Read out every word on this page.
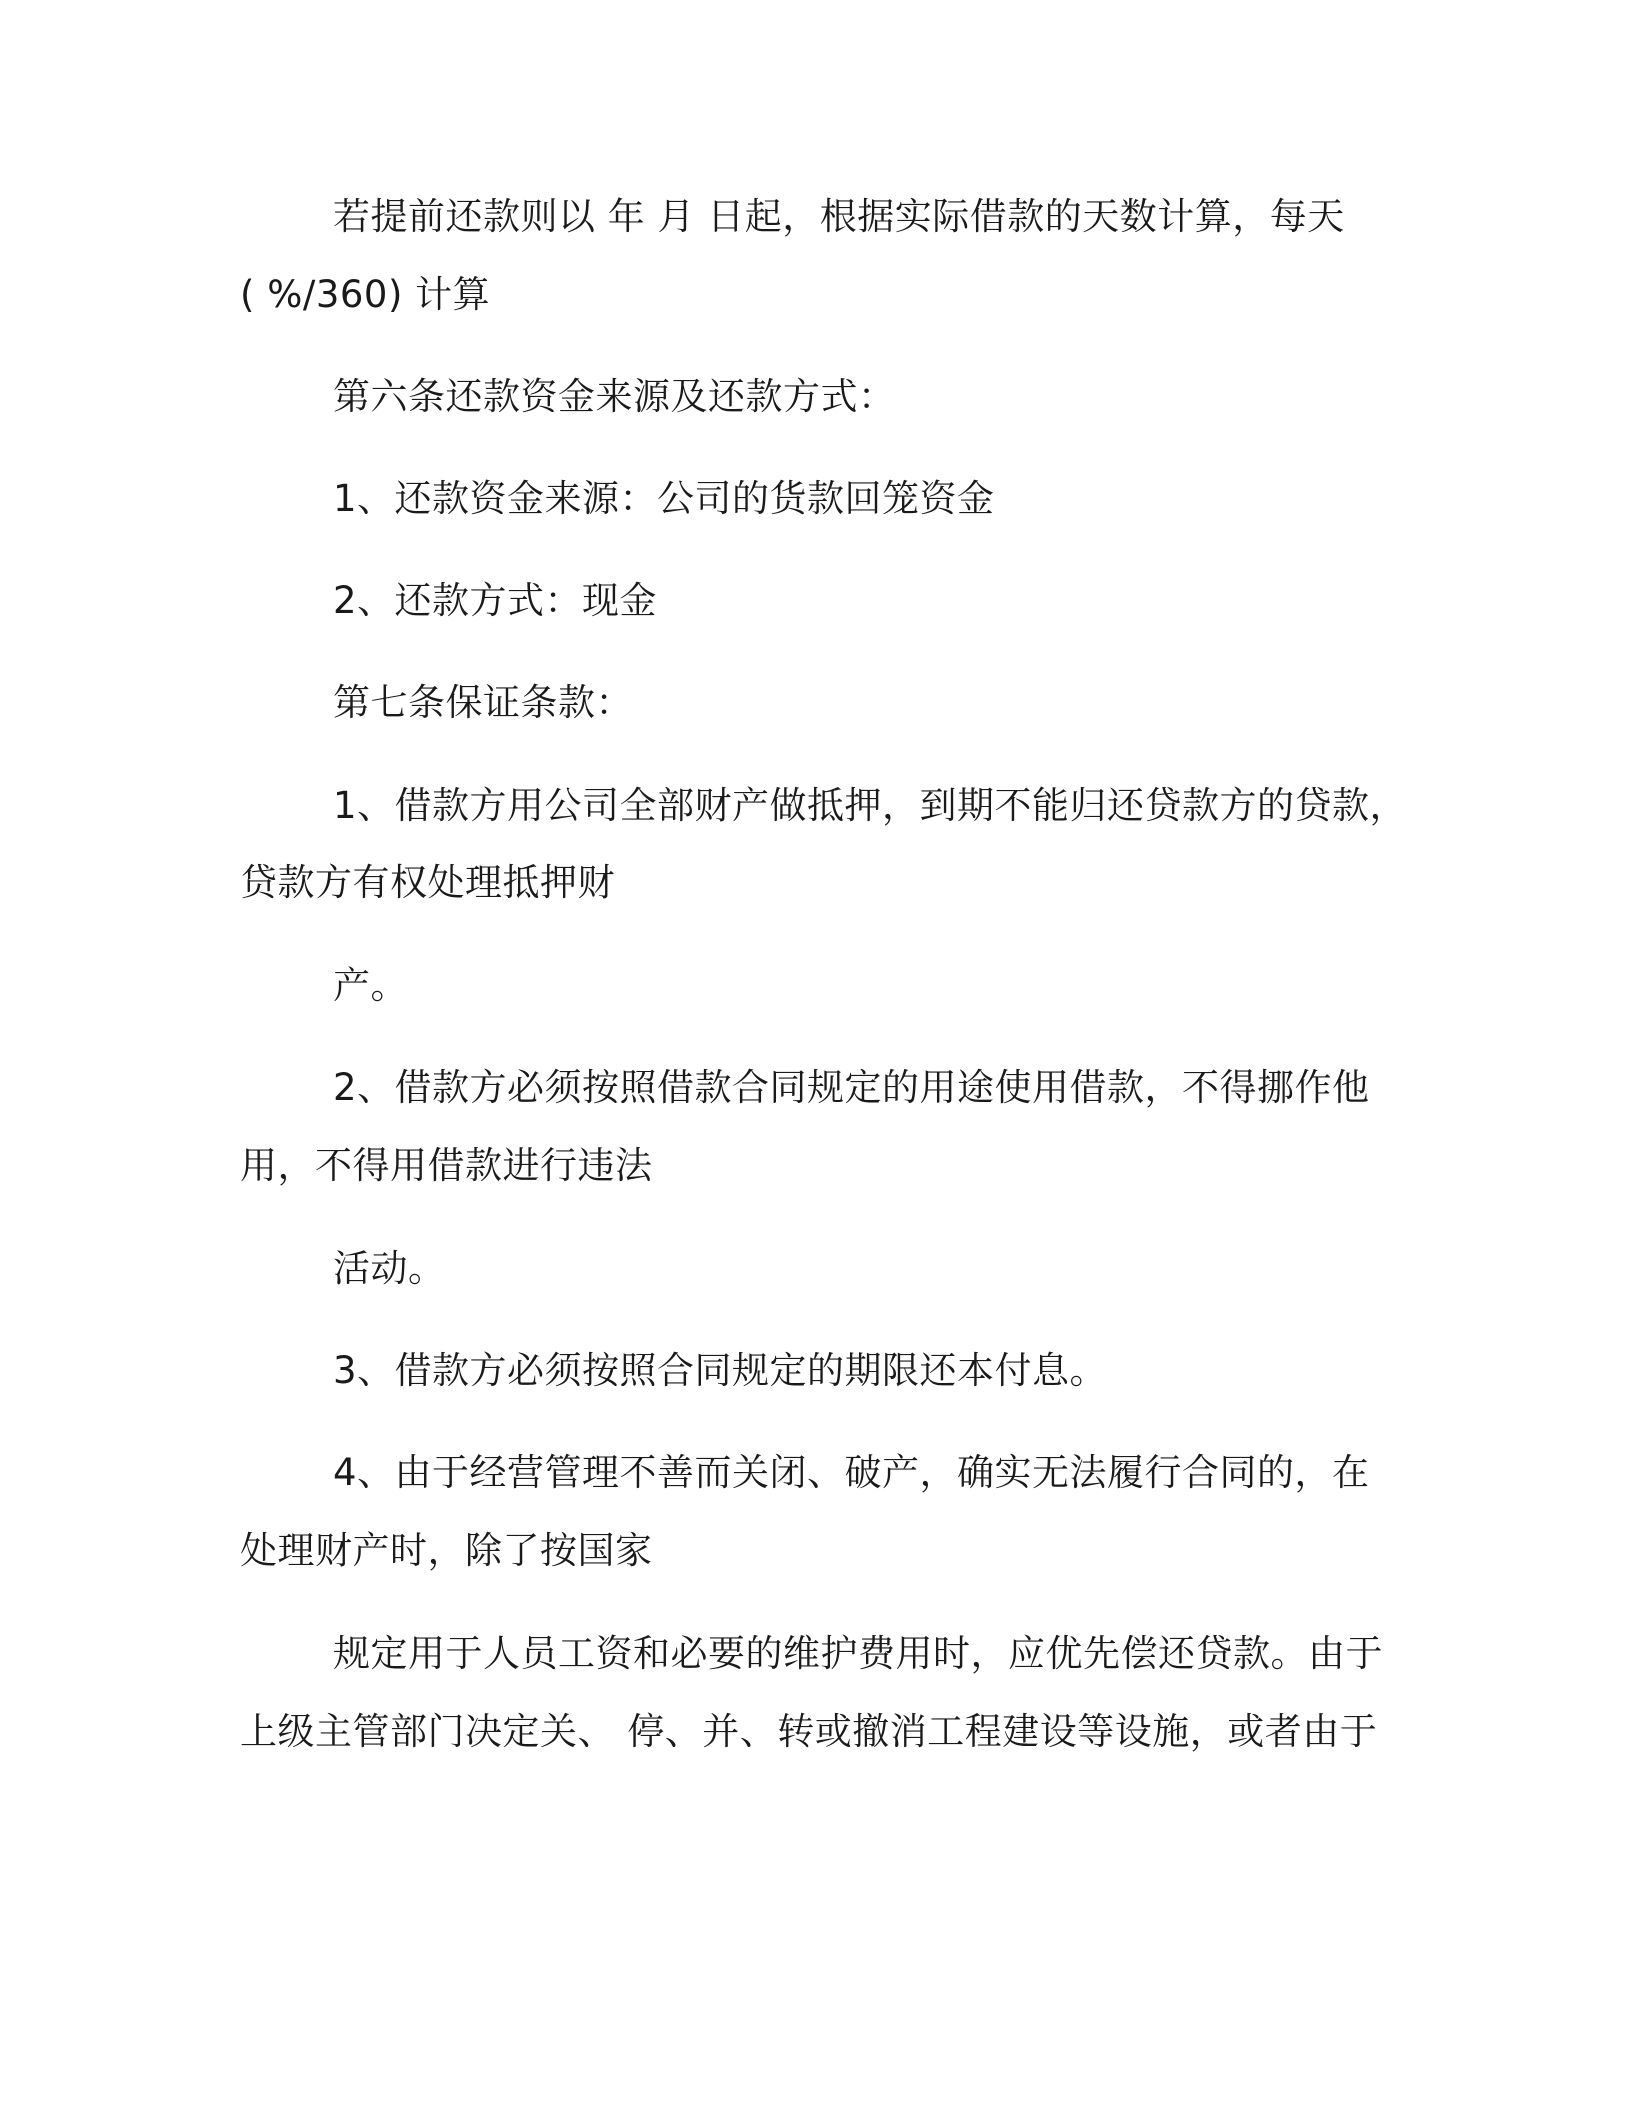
若提前还款则以 年 月 日起，根据实际借款的天数计算，每天
( %/360) 计算
第六条还款资金来源及还款方式：
1、还款资金来源：公司的货款回笼资金
2、还款方式：现金
第七条保证条款：
1、借款方用公司全部财产做抵押，到期不能归还贷款方的贷款，
贷款方有权处理抵押财
产。
2、借款方必须按照借款合同规定的用途使用借款，不得挪作他
用，不得用借款进行违法
活动。
3、借款方必须按照合同规定的期限还本付息。
4、由于经营管理不善而关闭、破产，确实无法履行合同的，在
处理财产时，除了按国家
规定用于人员工资和必要的维护费用时，应优先偿还贷款。由于
上级主管部门决定关、 停、并、转或撤消工程建设等设施，或者由于
